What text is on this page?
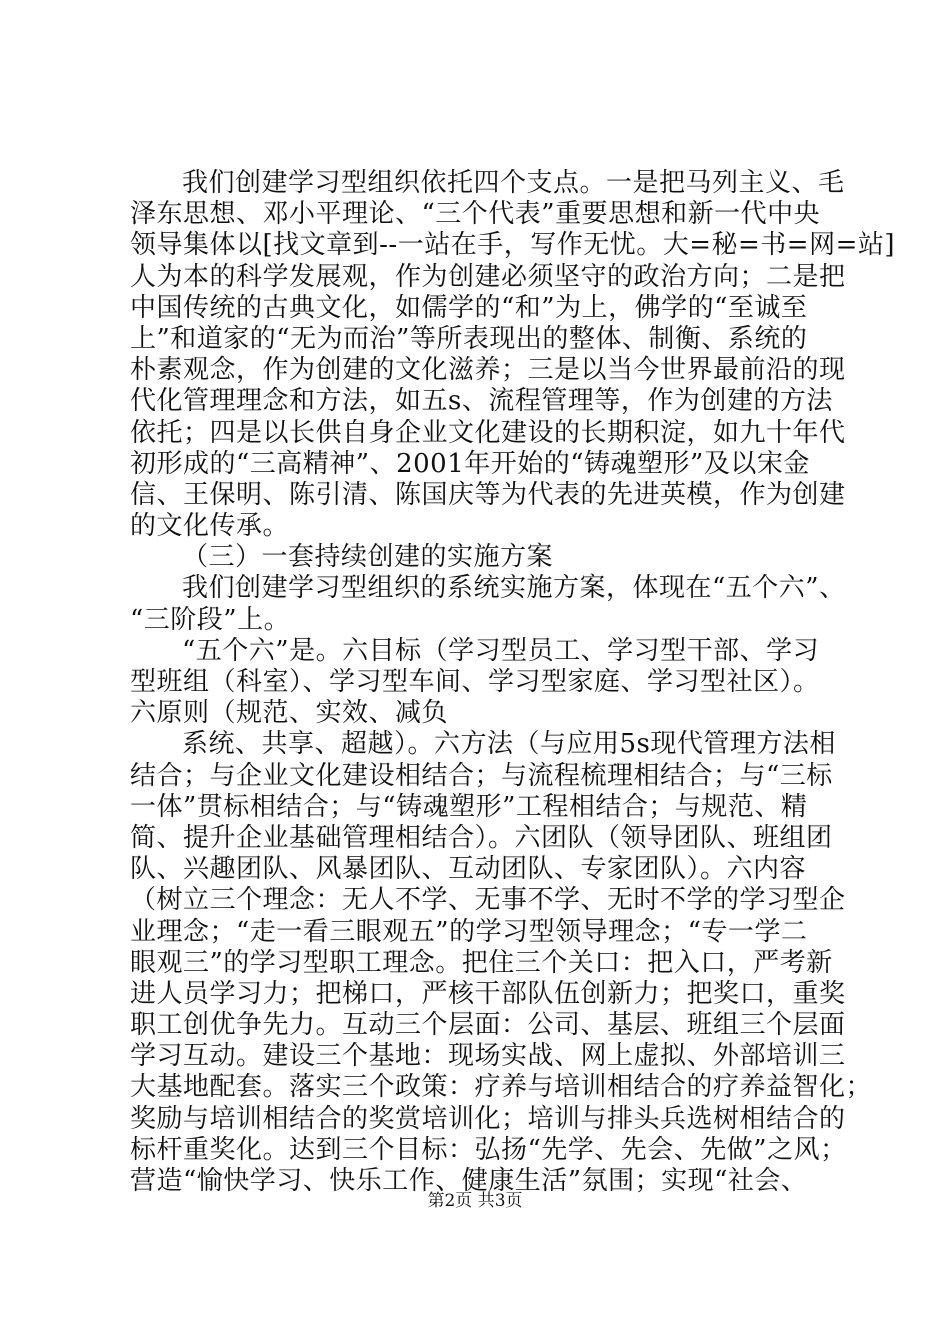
我们创建学习型组织依托四个支点。一是把马列主义、毛
泽东思想、邓小平理论、“三个代表”重要思想和新一代中央
领导集体以[找文章到--一站在手，写作无忧。大=秘=书=网=站]
人为本的科学发展观，作为创建必须坚守的政治方向；二是把
中国传统的古典文化，如儒学的“和”为上，佛学的“至诚至
上”和道家的“无为而治”等所表现出的整体、制衡、系统的
朴素观念，作为创建的文化滋养；三是以当今世界最前沿的现
代化管理理念和方法，如五s、流程管理等，作为创建的方法
依托；四是以长供自身企业文化建设的长期积淀，如九十年代
初形成的“三高精神”、2001年开始的“铸魂塑形”及以宋金
信、王保明、陈引清、陈国庆等为代表的先进英模，作为创建
的文化传承。
（三）一套持续创建的实施方案
我们创建学习型组织的系统实施方案，体现在“五个六”、
“三阶段”上。
“五个六”是。六目标（学习型员工、学习型干部、学习
型班组（科室）、学习型车间、学习型家庭、学习型社区）。
六原则（规范、实效、减负
系统、共享、超越）。六方法（与应用5s现代管理方法相
结合；与企业文化建设相结合；与流程梳理相结合；与“三标
一体”贯标相结合；与“铸魂塑形”工程相结合；与规范、精
简、提升企业基础管理相结合）。六团队（领导团队、班组团
队、兴趣团队、风暴团队、互动团队、专家团队）。六内容
（树立三个理念：无人不学、无事不学、无时不学的学习型企
业理念；“走一看三眼观五”的学习型领导理念；“专一学二
眼观三”的学习型职工理念。把住三个关口：把入口，严考新
进人员学习力；把梯口，严核干部队伍创新力；把奖口，重奖
职工创优争先力。互动三个层面：公司、基层、班组三个层面
学习互动。建设三个基地：现场实战、网上虚拟、外部培训三
大基地配套。落实三个政策：疗养与培训相结合的疗养益智化；
奖励与培训相结合的奖赏培训化；培训与排头兵选树相结合的
标杆重奖化。达到三个目标：弘扬“先学、先会、先做”之风；
营造“愉快学习、快乐工作、健康生活”氛围；实现“社会、
第2页 共3页
